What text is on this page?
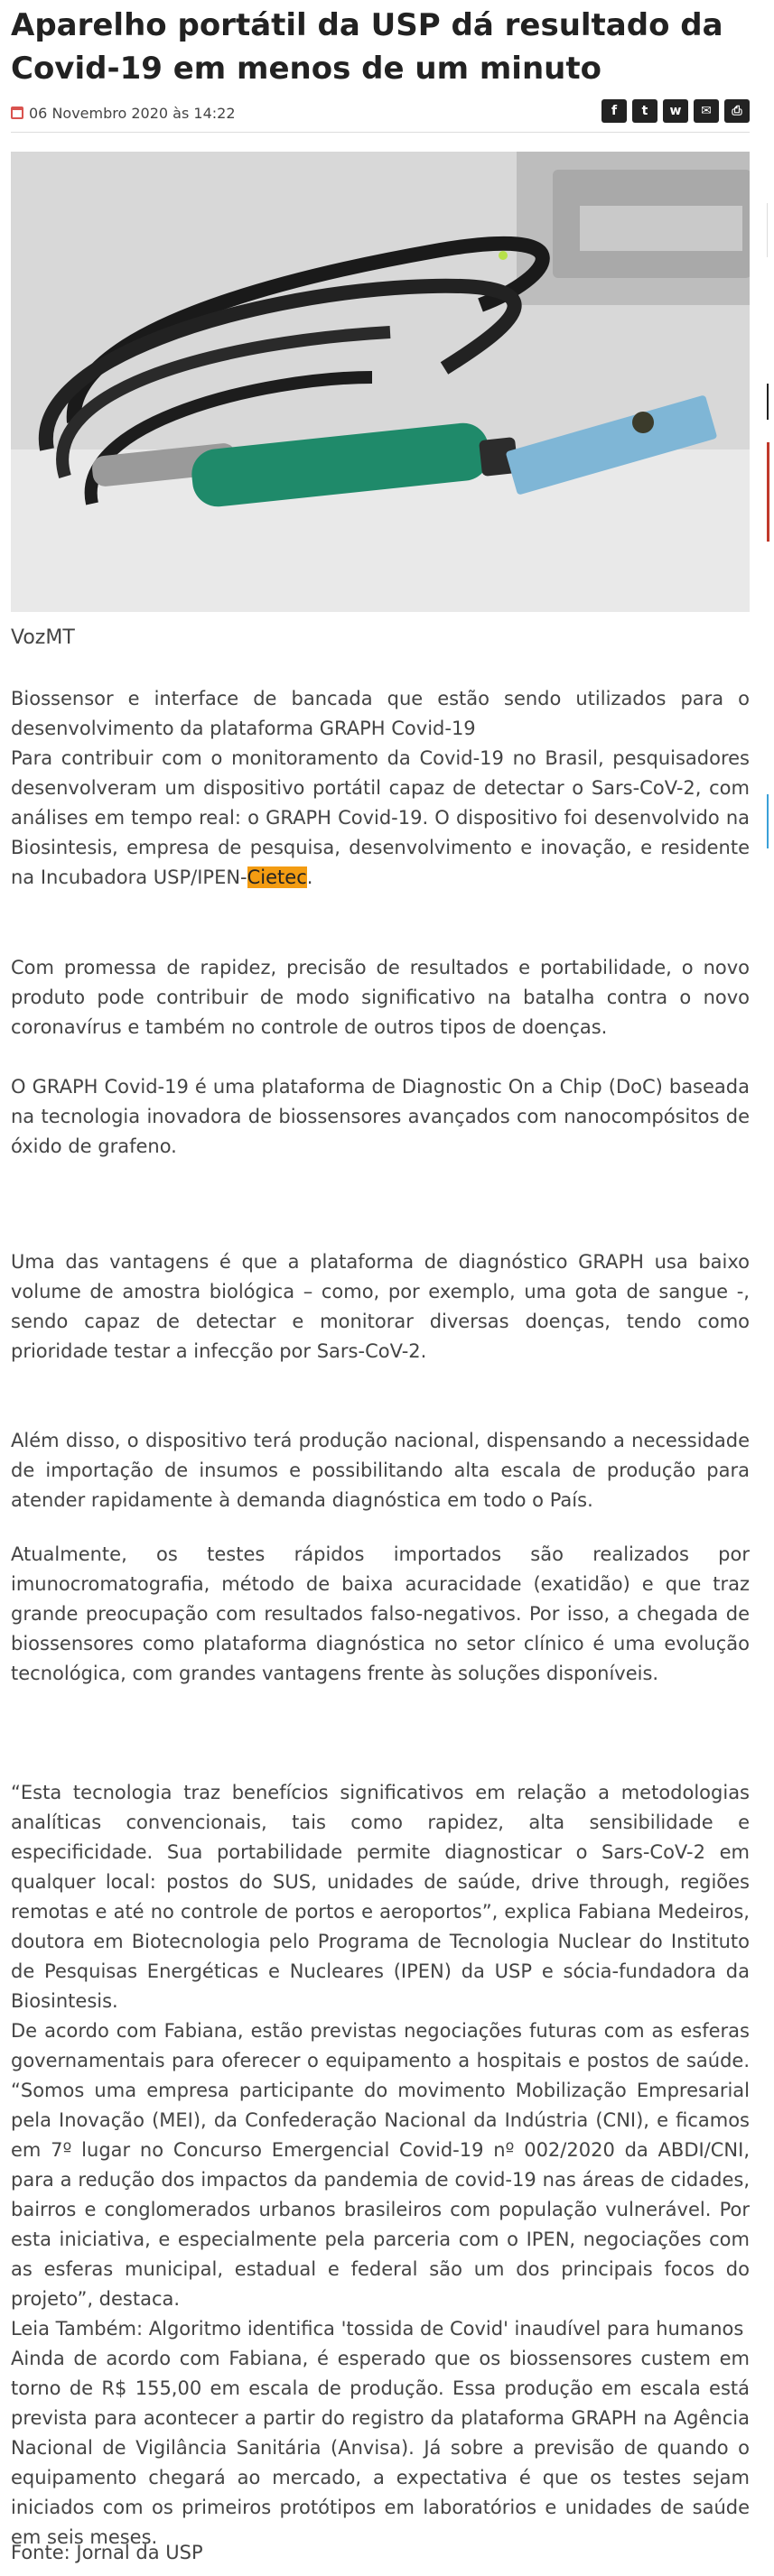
Aparelho portátil da USP dá resultado da Covid-19 em menos de um minuto
06 Novembro 2020 às 14:22	f	t	w	✉	⎙
VozMT

Biossensor e interface de bancada que estão sendo utilizados para o desenvolvimento da plataforma GRAPH Covid-19

Para contribuir com o monitoramento da Covid-19 no Brasil, pesquisadores desenvolveram um dispositivo portátil capaz de detectar o Sars-CoV-2, com análises em tempo real: o GRAPH Covid-19. O dispositivo foi desenvolvido na Biosintesis, empresa de pesquisa, desenvolvimento e inovação, e residente na Incubadora USP/IPEN-Cietec.

Com promessa de rapidez, precisão de resultados e portabilidade, o novo produto pode contribuir de modo significativo na batalha contra o novo coronavírus e também no controle de outros tipos de doenças.
O GRAPH Covid-19 é uma plataforma de Diagnostic On a Chip (DoC) baseada na tecnologia inovadora de biossensores avançados com nanocompósitos de óxido de grafeno.
Uma das vantagens é que a plataforma de diagnóstico GRAPH usa baixo volume de amostra biológica – como, por exemplo, uma gota de sangue -, sendo capaz de detectar e monitorar diversas doenças, tendo como prioridade testar a infecção por Sars-CoV-2.
Além disso, o dispositivo terá produção nacional, dispensando a necessidade de importação de insumos e possibilitando alta escala de produção para atender rapidamente à demanda diagnóstica em todo o País.
Atualmente, os testes rápidos importados são realizados por imunocromatografia, método de baixa acuracidade (exatidão) e que traz grande preocupação com resultados falso-negativos. Por isso, a chegada de biossensores como plataforma diagnóstica no setor clínico é uma evolução tecnológica, com grandes vantagens frente às soluções disponíveis.
“Esta tecnologia traz benefícios significativos em relação a metodologias analíticas convencionais, tais como rapidez, alta sensibilidade e especificidade. Sua portabilidade permite diagnosticar o Sars-CoV-2 em qualquer local: postos do SUS, unidades de saúde, drive through, regiões remotas e até no controle de portos e aeroportos”, explica Fabiana Medeiros, doutora em Biotecnologia pelo Programa de Tecnologia Nuclear do Instituto de Pesquisas Energéticas e Nucleares (IPEN) da USP e sócia-fundadora da Biosintesis.
De acordo com Fabiana, estão previstas negociações futuras com as esferas governamentais para oferecer o equipamento a hospitais e postos de saúde. “Somos uma empresa participante do movimento Mobilização Empresarial pela Inovação (MEI), da Confederação Nacional da Indústria (CNI), e ficamos em 7º lugar no Concurso Emergencial Covid-19 nº 002/2020 da ABDI/CNI, para a redução dos impactos da pandemia de covid-19 nas áreas de cidades, bairros e conglomerados urbanos brasileiros com população vulnerável. Por esta iniciativa, e especialmente pela parceria com o IPEN, negociações com as esferas municipal, estadual e federal são um dos principais focos do projeto”, destaca.

Leia Também: Algoritmo identifica 'tossida de Covid' inaudível para humanos

Ainda de acordo com Fabiana, é esperado que os biossensores custem em torno de R$ 155,00 em escala de produção. Essa produção em escala está prevista para acontecer a partir do registro da plataforma GRAPH na Agência Nacional de Vigilância Sanitária (Anvisa). Já sobre a previsão de quando o equipamento chegará ao mercado, a expectativa é que os testes sejam iniciados com os primeiros protótipos em laboratórios e unidades de saúde em seis meses.

Fonte: Jornal da USP
